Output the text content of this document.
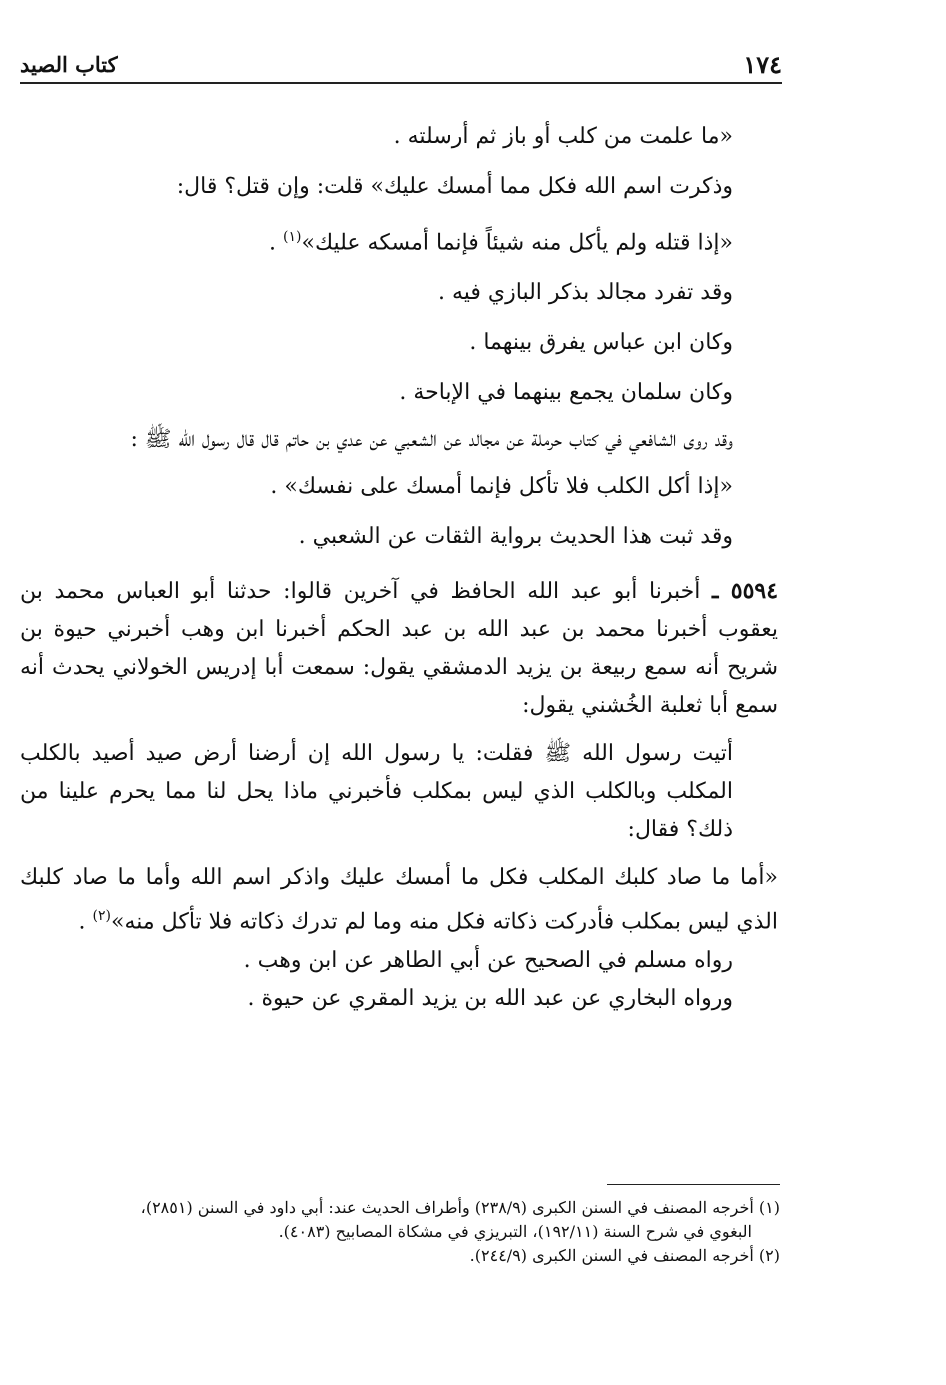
١٧٤
كتاب الصيد

«ما علمت من كلب أو باز ثم أرسلته .

وذكرت اسم الله فكل مما أمسك عليك» قلت: وإن قتل؟ قال:

«إذا قتله ولم يأكل منه شيئاً فإنما أمسكه عليك»$^{(١)}$ .

وقد تفرد مجالد بذكر البازي فيه .

وكان ابن عباس يفرق بينهما .

وكان سلمان يجمع بينهما في الإباحة .

وقد روى الشافعي في كتاب حرملة عن مجالد عن الشعبي عن عدي بن حاتم قال قال رسول الله ﷺ :

«إذا أكل الكلب فلا تأكل فإنما أمسك على نفسك» .

وقد ثبت هذا الحديث برواية الثقات عن الشعبي .

٥٥٩٤ ـ أخبرنا أبو عبد الله الحافظ في آخرين قالوا: حدثنا أبو العباس محمد بن يعقوب أخبرنا محمد بن عبد الله بن عبد الحكم أخبرنا ابن وهب أخبرني حيوة بن شريح أنه سمع ربيعة بن يزيد الدمشقي يقول: سمعت أبا إدريس الخولاني يحدث أنه سمع أبا ثعلبة الخُشني يقول:

أتيت رسول الله ﷺ فقلت: يا رسول الله إن أرضنا أرض صيد أصيد بالكلب المكلب وبالكلب الذي ليس بمكلب فأخبرني ماذا يحل لنا مما يحرم علينا من ذلك؟ فقال:

«أما ما صاد كلبك المكلب فكل ما أمسك عليك واذكر اسم الله وأما ما صاد كلبك الذي ليس بمكلب فأدركت ذكاته فكل منه وما لم تدرك ذكاته فلا تأكل منه»$^{(٢)}$ .

رواه مسلم في الصحيح عن أبي الطاهر عن ابن وهب .

ورواه البخاري عن عبد الله بن يزيد المقري عن حيوة .

(١) أخرجه المصنف في السنن الكبرى (٢٣٨/٩) وأطراف الحديث عند: أبي داود في السنن (٢٨٥١)،

البغوي في شرح السنة (١٩٢/١١)، التبريزي في مشكاة المصابيح (٤٠٨٣).

(٢) أخرجه المصنف في السنن الكبرى (٢٤٤/٩).
